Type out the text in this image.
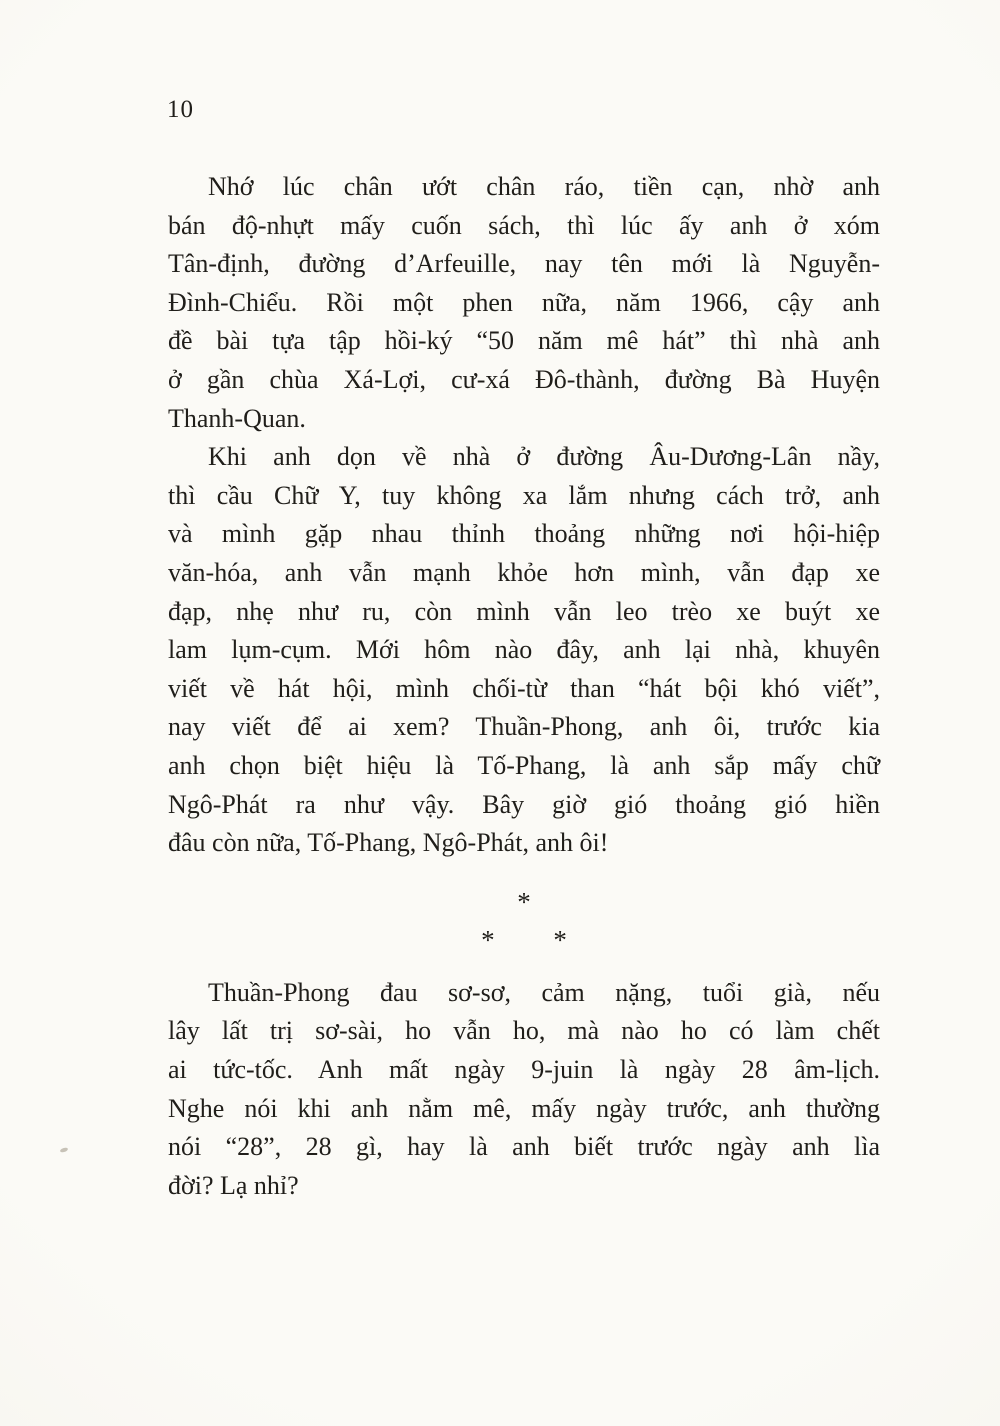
10
Nhớ lúc chân ướt chân ráo, tiền cạn, nhờ anh
bán độ-nhựt mấy cuốn sách, thì lúc ấy anh ở xóm
Tân-định, đường d’Arfeuille, nay tên mới là Nguyễn-
Đình-Chiểu. Rồi một phen nữa, năm 1966, cậy anh
đề bài tựa tập hồi-ký “50 năm mê hát” thì nhà anh
ở gần chùa Xá-Lợi, cư-xá Đô-thành, đường Bà Huyện
Thanh-Quan.
Khi anh dọn về nhà ở đường Âu-Dương-Lân nầy,
thì cầu Chữ Y, tuy không xa lắm nhưng cách trở, anh
và mình gặp nhau thỉnh thoảng những nơi hội-hiệp
văn-hóa, anh vẫn mạnh khỏe hơn mình, vẫn đạp xe
đạp, nhẹ như ru, còn mình vẫn leo trèo xe buýt xe
lam lụm-cụm. Mới hôm nào đây, anh lại nhà, khuyên
viết về hát hội, mình chối-từ than “hát bội khó viết”,
nay viết để ai xem? Thuần-Phong, anh ôi, trước kia
anh chọn biệt hiệu là Tố-Phang, là anh sắp mấy chữ
Ngô-Phát ra như vậy. Bây giờ gió thoảng gió hiền
đâu còn nữa, Tố-Phang, Ngô-Phát, anh ôi!
*
* *
Thuần-Phong đau sơ-sơ, cảm nặng, tuổi già, nếu
lây lất trị sơ-sài, ho vẫn ho, mà nào ho có làm chết
ai tức-tốc. Anh mất ngày 9-juin là ngày 28 âm-lịch.
Nghe nói khi anh nằm mê, mấy ngày trước, anh thường
nói “28”, 28 gì, hay là anh biết trước ngày anh lìa
đời? Lạ nhỉ?
